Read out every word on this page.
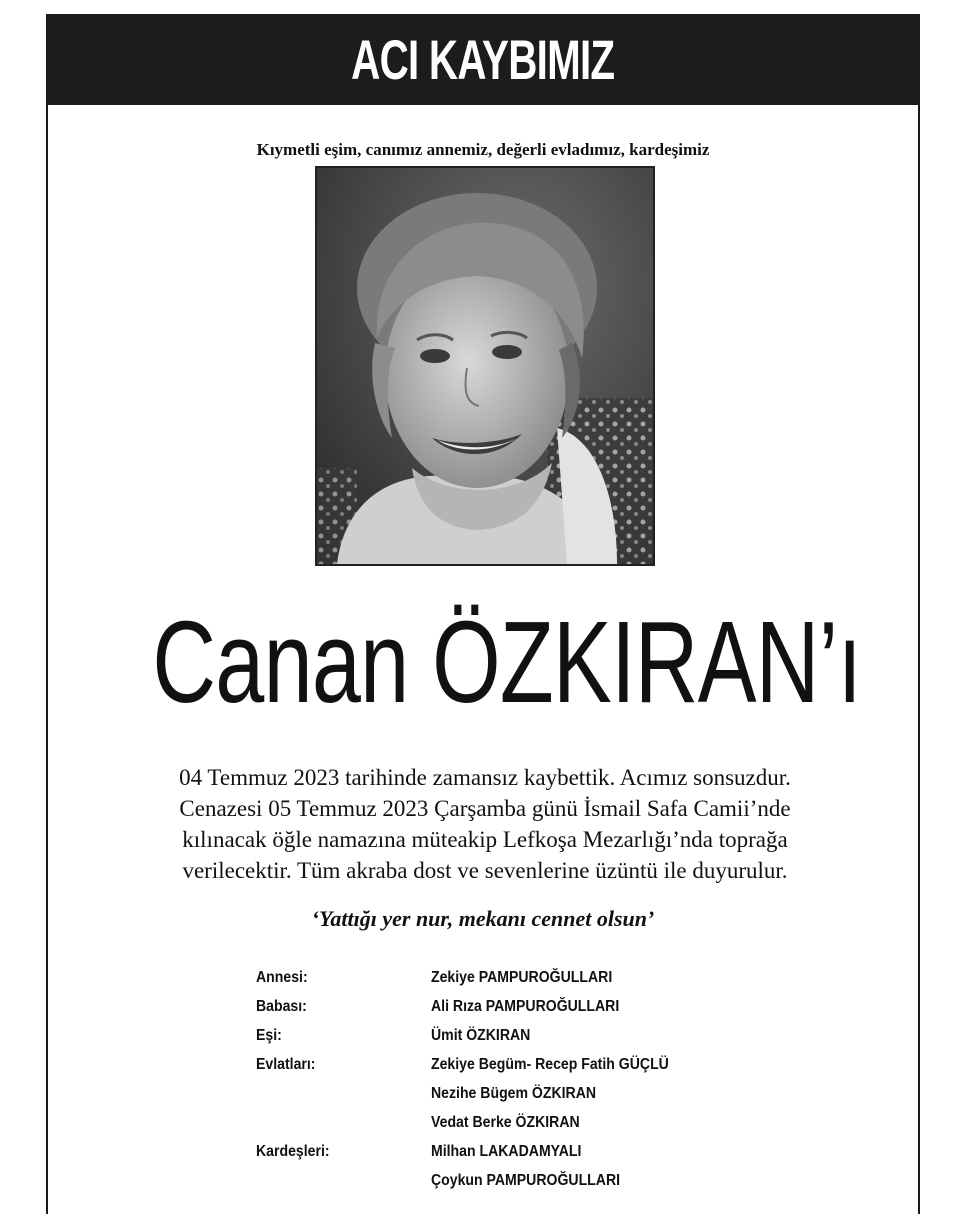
ACI KAYBIMIZ
Kıymetli eşim, canımız annemiz, değerli evladımız, kardeşimiz
Canan ÖZKIRAN’ı
04 Temmuz 2023 tarihinde zamansız kaybettik. Acımız sonsuzdur.
Cenazesi 05 Temmuz 2023 Çarşamba günü İsmail Safa Camii’nde
kılınacak öğle namazına müteakip Lefkoşa Mezarlığı’nda toprağa
verilecektir. Tüm akraba dost ve sevenlerine üzüntü ile duyurulur.
‘Yattığı yer nur, mekanı cennet olsun’
Annesi:	Zekiye PAMPUROĞULLARI
Babası:	Ali Rıza PAMPUROĞULLARI
Eşi:	Ümit ÖZKIRAN
Evlatları:	Zekiye Begüm- Recep Fatih GÜÇLÜ
Nezihe Bügem ÖZKIRAN
Vedat Berke ÖZKIRAN
Kardeşleri:	Milhan LAKADAMYALI
Çoykun PAMPUROĞULLARI
